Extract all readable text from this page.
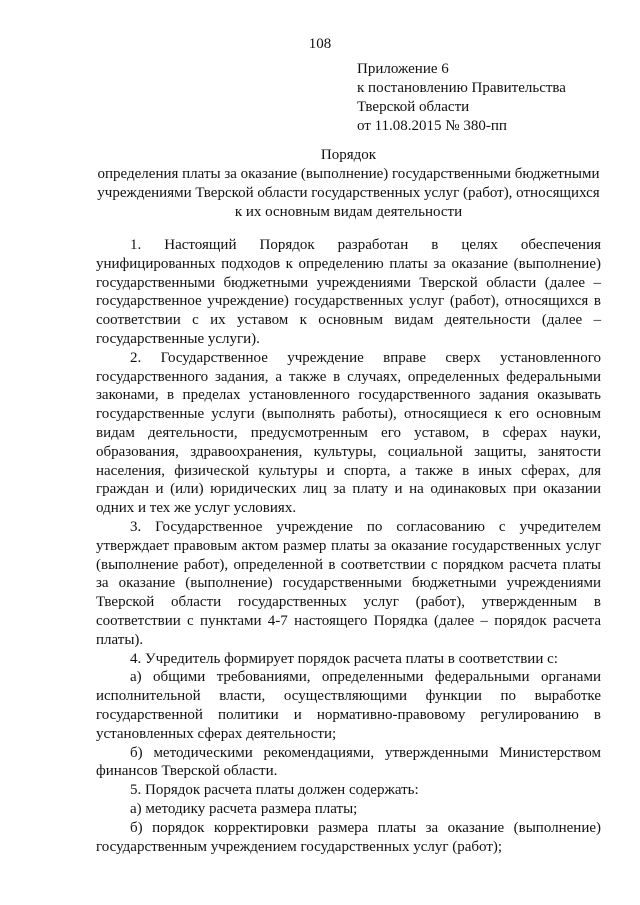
108
Приложение 6
к постановлению Правительства
Тверской области
от 11.08.2015 № 380-пп
Порядок
определения платы за оказание (выполнение) государственными бюджетными учреждениями Тверской области государственных услуг (работ), относящихся к их основным видам деятельности

1. Настоящий Порядок разработан в целях обеспечения унифицированных подходов к определению платы за оказание (выполнение) государственными бюджетными учреждениями Тверской области (далее – государственное учреждение) государственных услуг (работ), относящихся в соответствии с их уставом к основным видам деятельности (далее – государственные услуги).

2. Государственное учреждение вправе сверх установленного государственного задания, а также в случаях, определенных федеральными законами, в пределах установленного государственного задания оказывать государственные услуги (выполнять работы), относящиеся к его основным видам деятельности, предусмотренным его уставом, в сферах науки, образования, здравоохранения, культуры, социальной защиты, занятости населения, физической культуры и спорта, а также в иных сферах, для граждан и (или) юридических лиц за плату и на одинаковых при оказании одних и тех же услуг условиях.

3. Государственное учреждение по согласованию с учредителем утверждает правовым актом размер платы за оказание государственных услуг (выполнение работ), определенной в соответствии с порядком расчета платы за оказание (выполнение) государственными бюджетными учреждениями Тверской области государственных услуг (работ), утвержденным в соответствии с пунктами 4-7 настоящего Порядка (далее – порядок расчета платы).

4. Учредитель формирует порядок расчета платы в соответствии с:

а) общими требованиями, определенными федеральными органами исполнительной власти, осуществляющими функции по выработке государственной политики и нормативно-правовому регулированию в установленных сферах деятельности;

б) методическими рекомендациями, утвержденными Министерством финансов Тверской области.

5. Порядок расчета платы должен содержать:

а) методику расчета размера платы;

б) порядок корректировки размера платы за оказание (выполнение) государственным учреждением государственных услуг (работ);
